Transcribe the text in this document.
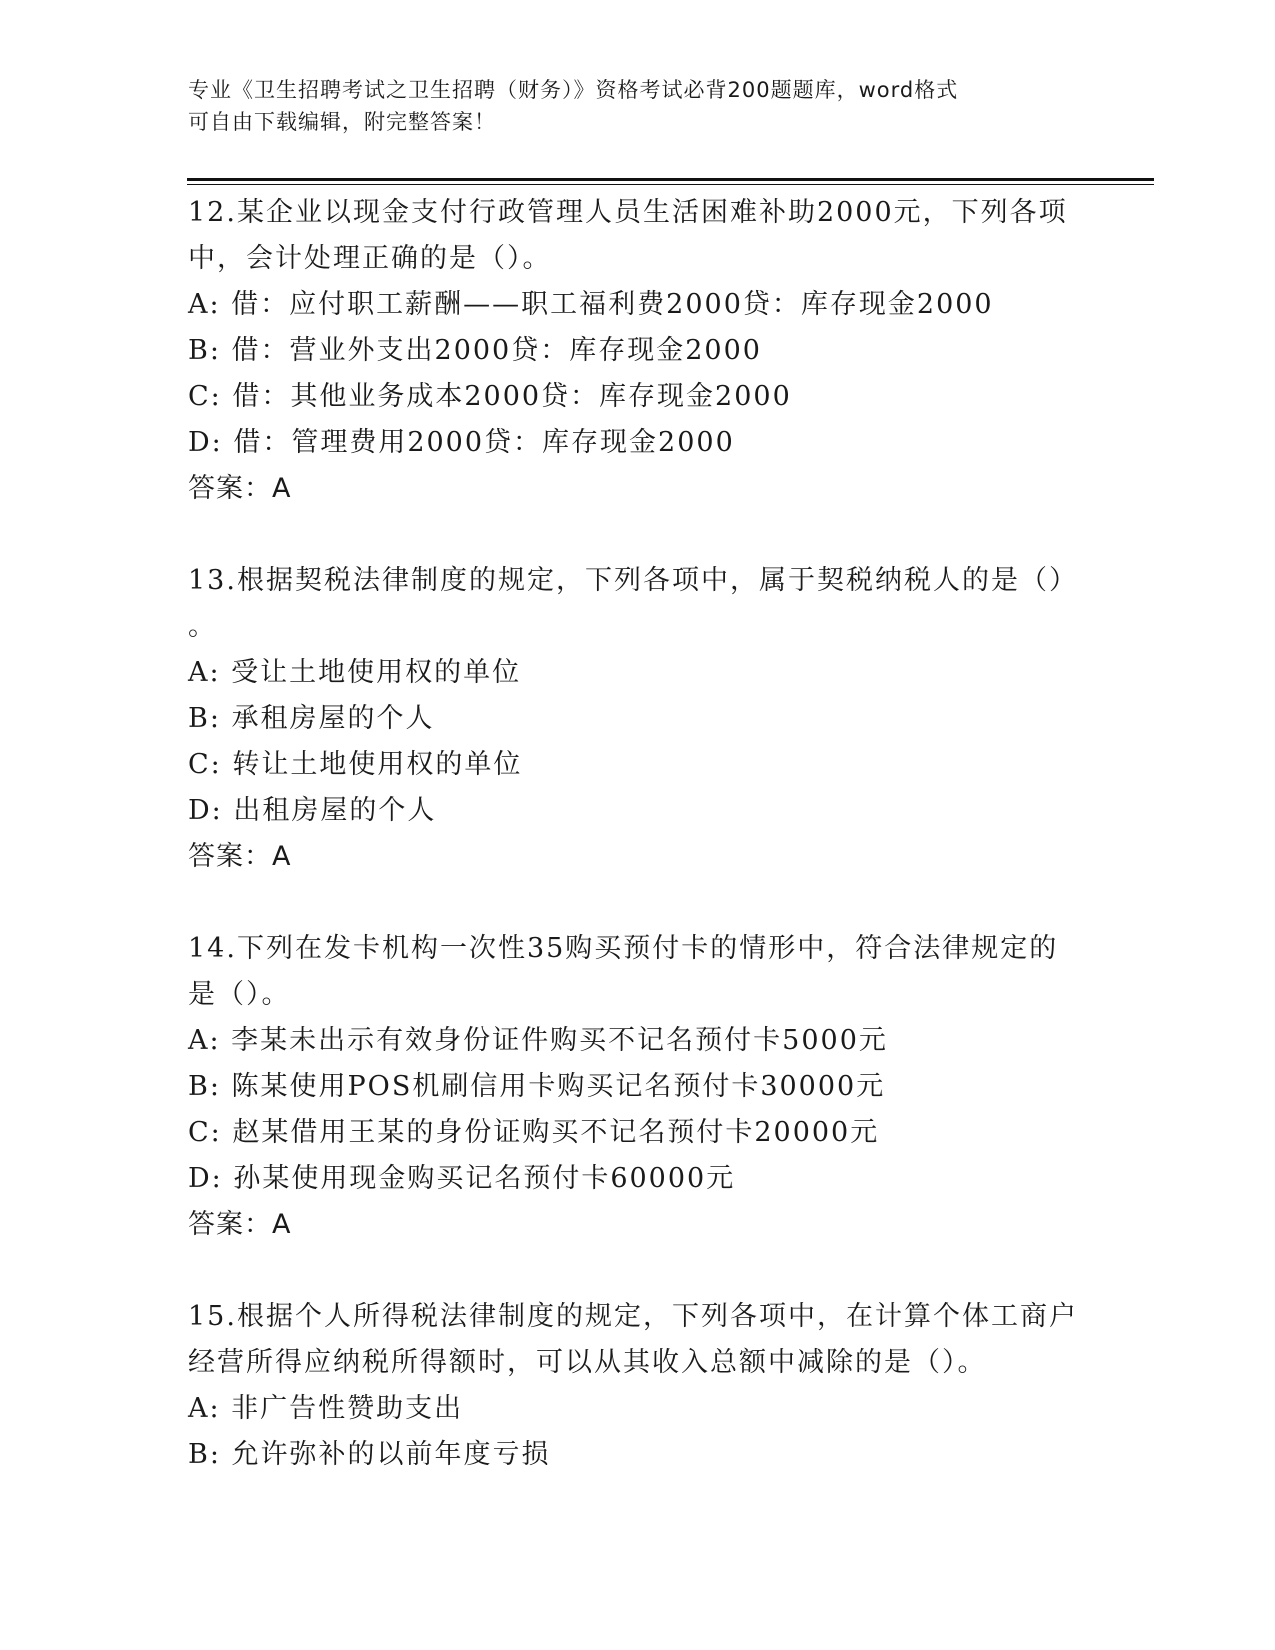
专业《卫生招聘考试之卫生招聘（财务）》资格考试必背200题题库，word格式
可自由下载编辑，附完整答案！
12.某企业以现金支付行政管理人员生活困难补助2000元，下列各项
中，会计处理正确的是（）。
A: 借：应付职工薪酬——职工福利费2000贷：库存现金2000
B: 借：营业外支出2000贷：库存现金2000
C: 借：其他业务成本2000贷：库存现金2000
D: 借：管理费用2000贷：库存现金2000
答案：A
13.根据契税法律制度的规定，下列各项中，属于契税纳税人的是（）
。
A: 受让土地使用权的单位
B: 承租房屋的个人
C: 转让土地使用权的单位
D: 出租房屋的个人
答案：A
14.下列在发卡机构一次性35购买预付卡的情形中，符合法律规定的
是（）。
A: 李某未出示有效身份证件购买不记名预付卡5000元
B: 陈某使用POS机刷信用卡购买记名预付卡30000元
C: 赵某借用王某的身份证购买不记名预付卡20000元
D: 孙某使用现金购买记名预付卡60000元
答案：A
15.根据个人所得税法律制度的规定，下列各项中，在计算个体工商户
经营所得应纳税所得额时，可以从其收入总额中减除的是（）。
A: 非广告性赞助支出
B: 允许弥补的以前年度亏损
